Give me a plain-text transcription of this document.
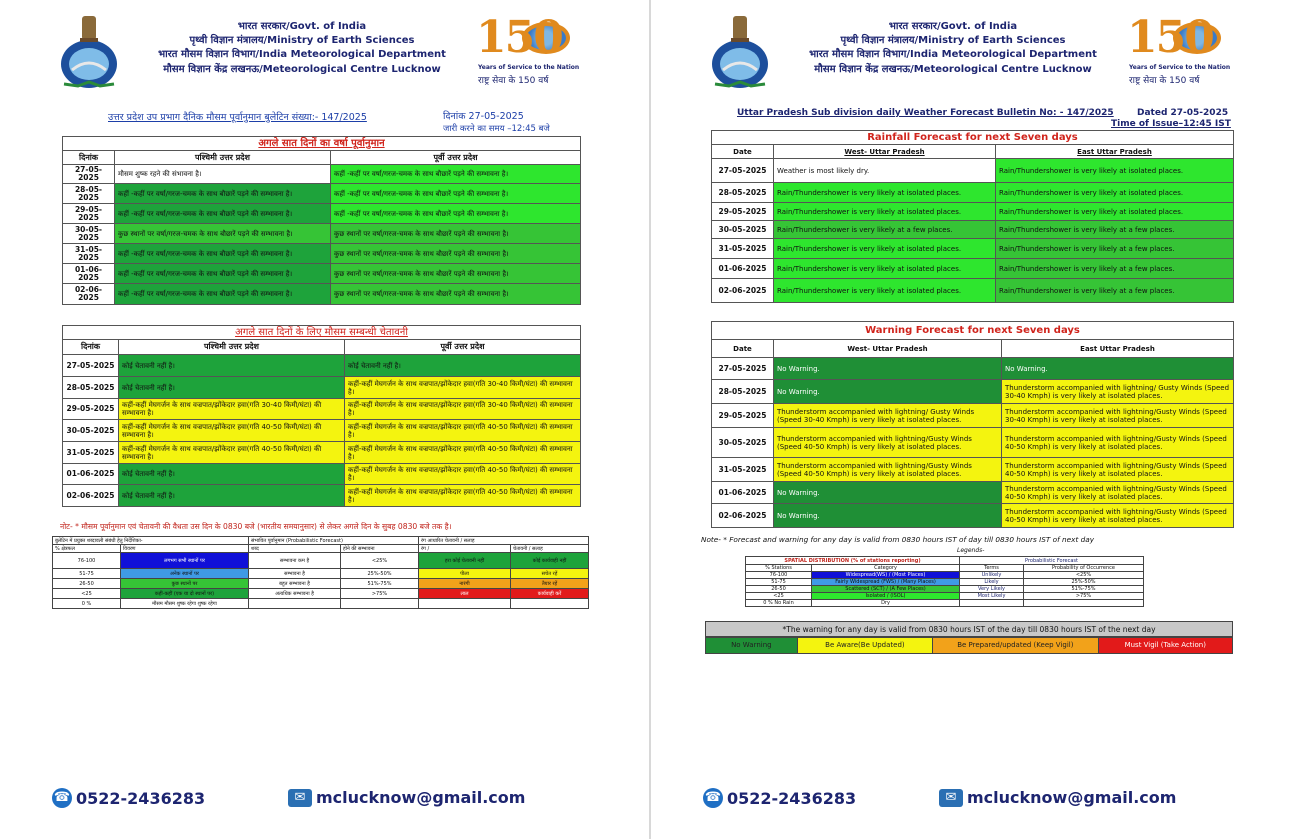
भारत सरकार/Govt. of India
पृथ्वी विज्ञान मंत्रालय/Ministry of Earth Sciences
भारत मौसम विज्ञान विभाग/India Meteorological Department
मौसम विज्ञान केंद्र लखनऊ/Meteorological Centre Lucknow
150
Years of Service to the Nation
राष्ट्र सेवा के 150 वर्ष
उत्तर प्रदेश उप प्रभाग दैनिक मौसम पूर्वानुमान बुलेटिन संख्या:- 147/2025	दिनांक 27-05-2025
जारी करने का समय –12:45 बजे
अगले सात दिनों का वर्षा पूर्वानुमान		
दिनांक	पश्चिमी उत्तर प्रदेश	पूर्वी उत्तर प्रदेश
27-05-2025	मौसम शुष्क रहने की संभावना है।	कहीं -कहीं पर वर्षा/गरज-चमक के साथ बौछारें पड़ने की सम्भावना है।
28-05-2025	कहीं -कहीं पर वर्षा/गरज-चमक के साथ बौछारें पड़ने की सम्भावना है।	कहीं -कहीं पर वर्षा/गरज-चमक के साथ बौछारें पड़ने की सम्भावना है।
29-05-2025	कहीं -कहीं पर वर्षा/गरज-चमक के साथ बौछारें पड़ने की सम्भावना है।	कहीं -कहीं पर वर्षा/गरज-चमक के साथ बौछारें पड़ने की सम्भावना है।
30-05-2025	कुछ स्थानों पर वर्षा/गरज-चमक के साथ बौछारें पड़ने की सम्भावना है।	कुछ स्थानों पर वर्षा/गरज-चमक के साथ बौछारें पड़ने की सम्भावना है।
31-05-2025	कहीं -कहीं पर वर्षा/गरज-चमक के साथ बौछारें पड़ने की सम्भावना है।	कुछ स्थानों पर वर्षा/गरज-चमक के साथ बौछारें पड़ने की सम्भावना है।
01-06-2025	कहीं -कहीं पर वर्षा/गरज-चमक के साथ बौछारें पड़ने की सम्भावना है।	कुछ स्थानों पर वर्षा/गरज-चमक के साथ बौछारें पड़ने की सम्भावना है।
02-06-2025	कहीं -कहीं पर वर्षा/गरज-चमक के साथ बौछारें पड़ने की सम्भावना है।	कुछ स्थानों पर वर्षा/गरज-चमक के साथ बौछारें पड़ने की सम्भावना है।
अगले सात दिनों के लिए मौसम सम्बन्धी चेतावनी		
दिनांक	पश्चिमी उत्तर प्रदेश	पूर्वी उत्तर प्रदेश
27-05-2025	कोई चेतावनी नहीं है।	कोई चेतावनी नहीं है।
28-05-2025	कोई चेतावनी नहीं है।	कहीं-कहीं मेघगर्जन के साथ वज्रपात/झोंकेदार हवा(गति 30-40 किमी/घंटा) की सम्भावना है।
29-05-2025	कहीं-कहीं मेघगर्जन के साथ वज्रपात/झोंकेदार हवा(गति 30-40 किमी/घंटा) की सम्भावना है।	कहीं-कहीं मेघगर्जन के साथ वज्रपात/झोंकेदार हवा(गति 30-40 किमी/घंटा) की सम्भावना है।
30-05-2025	कहीं-कहीं मेघगर्जन के साथ वज्रपात/झोंकेदार हवा(गति 40-50 किमी/घंटा) की सम्भावना है।	कहीं-कहीं मेघगर्जन के साथ वज्रपात/झोंकेदार हवा(गति 40-50 किमी/घंटा) की सम्भावना है।
31-05-2025	कहीं-कहीं मेघगर्जन के साथ वज्रपात/झोंकेदार हवा(गति 40-50 किमी/घंटा) की सम्भावना है।	कहीं-कहीं मेघगर्जन के साथ वज्रपात/झोंकेदार हवा(गति 40-50 किमी/घंटा) की सम्भावना है।
01-06-2025	कोई चेतावनी नहीं है।	कहीं-कहीं मेघगर्जन के साथ वज्रपात/झोंकेदार हवा(गति 40-50 किमी/घंटा) की सम्भावना है।
02-06-2025	कोई चेतावनी नहीं है।	कहीं-कहीं मेघगर्जन के साथ वज्रपात/झोंकेदार हवा(गति 40-50 किमी/घंटा) की सम्भावना है।
नोट- * मौसम पूर्वानुमान एवं चेतावनी की वैधता उस दिन के 0830 बजे (भारतीय समयानुसार) से लेकर अगले दिन के सुबह 0830 बजे तक है।
बुलेटिन में प्रयुक्त शब्दावली संबंधी हेतु निर्देशिका-		संभावित पूर्वानुमान (Probabilistic Forecast)		रंग आधारित चेतावनी / सलाह	
% क्षेत्रफल	विवरण	शब्द	होने की सम्भावना	रंग /	चेतावनी / सलाह
76-100	लगभग सभी स्थानों पर	सम्भावना कम है	<25%	हरा कोई चेतावनी नहीं	कोई कार्यवाही नहीं
51-75	अनेक स्थानों पर	सम्भावना है	25%-50%	पीला	सचेत रहें
26-50	कुछ स्थानों पर	बहुत सम्भावना है	51%-75%	नारंगी	तैयार रहें
<25	कहीं-कहीं (एक या दो स्थानों पर)	अत्यधिक सम्भावना है	>75%	लाल	कार्यवाही करें
0 %	मौसम मौसम शुष्क रहेगा शुष्क रहेगा				
☎ 0522-2436283	✉ mclucknow@gmail.com
भारत सरकार/Govt. of India
पृथ्वी विज्ञान मंत्रालय/Ministry of Earth Sciences
भारत मौसम विज्ञान विभाग/India Meteorological Department
मौसम विज्ञान केंद्र लखनऊ/Meteorological Centre Lucknow
150
Years of Service to the Nation
राष्ट्र सेवा के 150 वर्ष
Uttar Pradesh Sub division daily Weather Forecast Bulletin No: - 147/2025	Dated 27-05-2025
Time of Issue–12:45 IST
Rainfall Forecast for next Seven days		
Date	West- Uttar Pradesh	East Uttar Pradesh
27-05-2025	Weather is most likely dry.	Rain/Thundershower is very likely at isolated places.
28-05-2025	Rain/Thundershower is very likely at isolated places.	Rain/Thundershower is very likely at isolated places.
29-05-2025	Rain/Thundershower is very likely at isolated places.	Rain/Thundershower is very likely at isolated places.
30-05-2025	Rain/Thundershower is very likely at a few places.	Rain/Thundershower is very likely at a few places.
31-05-2025	Rain/Thundershower is very likely at isolated places.	Rain/Thundershower is very likely at a few places.
01-06-2025	Rain/Thundershower is very likely at isolated places.	Rain/Thundershower is very likely at a few places.
02-06-2025	Rain/Thundershower is very likely at isolated places.	Rain/Thundershower is very likely at a few places.
Warning Forecast for next Seven days		
Date	West- Uttar Pradesh	East Uttar Pradesh
27-05-2025	No Warning.	No Warning.
28-05-2025	No Warning.	Thunderstorm accompanied with lightning/ Gusty Winds (Speed 30-40 Kmph) is very likely at isolated places.
29-05-2025	Thunderstorm accompanied with lightning/ Gusty Winds (Speed 30-40 Kmph) is very likely at isolated places.	Thunderstorm accompanied with lightning/Gusty Winds (Speed 30-40 Kmph) is very likely at isolated places.
30-05-2025	Thunderstorm accompanied with lightning/Gusty Winds (Speed 40-50 Kmph) is very likely at isolated places.	Thunderstorm accompanied with lightning/Gusty Winds (Speed 40-50 Kmph) is very likely at isolated places.
31-05-2025	Thunderstorm accompanied with lightning/Gusty Winds (Speed 40-50 Kmph) is very likely at isolated places.	Thunderstorm accompanied with lightning/Gusty Winds (Speed 40-50 Kmph) is very likely at isolated places.
01-06-2025	No Warning.	Thunderstorm accompanied with lightning/Gusty Winds (Speed 40-50 Kmph) is very likely at isolated places.
02-06-2025	No Warning.	Thunderstorm accompanied with lightning/Gusty Winds (Speed 40-50 Kmph) is very likely at isolated places.
Note- * Forecast and warning for any day is valid from 0830 hours IST of day till 0830 hours IST of next day
Legends-
SPATIAL DISTRIBUTION (% of stations reporting)		Probabilistic Forecast	
% Stations	Category	Terms	Probability of Occurrence
76-100	Widespread(WS) / (Most Places)	Unlikely	<25%
51-75	Fairly Widespread (FWS) / (Many Places)	Likely	25%-50%
26-50	Scattered (SCT) / (A Few Places)	Very Likely	51%-75%
<25	Isolated / (ISOL)	Most Likely	>75%
0 % No Rain	Dry		
*The warning for any day is valid from 0830 hours IST of the day till 0830 hours IST of the next day
No Warning	Be Aware(Be Updated)	Be Prepared/updated (Keep Vigil)	Must Vigil (Take Action)
☎ 0522-2436283	✉ mclucknow@gmail.com
